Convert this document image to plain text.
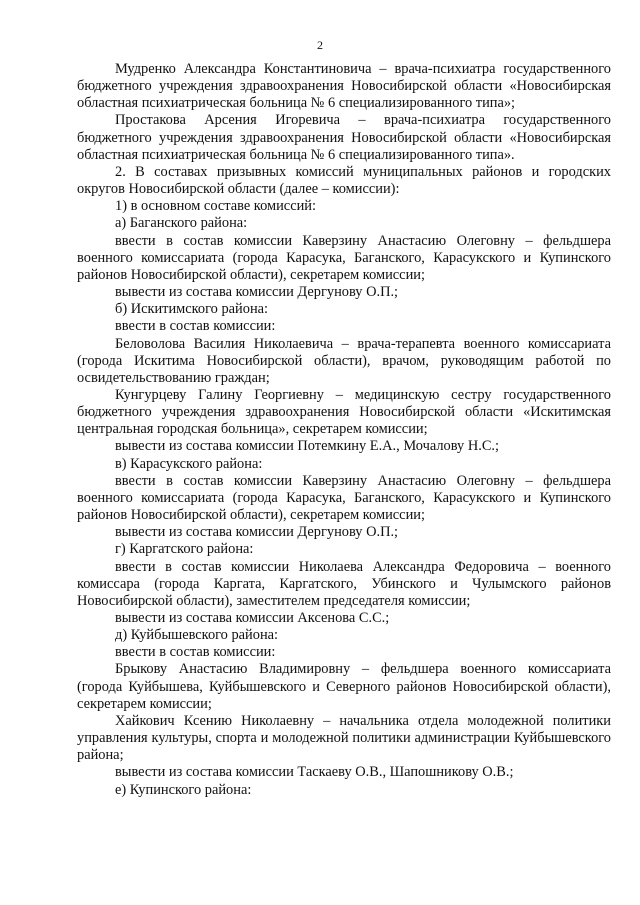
2

Мудренко Александра Константиновича – врача-психиатра государственного бюджетного учреждения здравоохранения Новосибирской области «Новосибирская областная психиатрическая больница № 6 специализированного типа»;

Простакова Арсения Игоревича – врача-психиатра государственного бюджетного учреждения здравоохранения Новосибирской области «Новосибирская областная психиатрическая больница № 6 специализированного типа».

2. В составах призывных комиссий муниципальных районов и городских округов Новосибирской области (далее – комиссии):

1) в основном составе комиссий:

а) Баганского района:

ввести в состав комиссии Каверзину Анастасию Олеговну – фельдшера военного комиссариата (города Карасука, Баганского, Карасукского и Купинского районов Новосибирской области), секретарем комиссии;

вывести из состава комиссии Дергунову О.П.;

б) Искитимского района:

ввести в состав комиссии:

Беловолова Василия Николаевича – врача-терапевта военного комиссариата (города Искитима Новосибирской области), врачом, руководящим работой по освидетельствованию граждан;

Кунгурцеву Галину Георгиевну – медицинскую сестру государственного бюджетного учреждения здравоохранения Новосибирской области «Искитимская центральная городская больница», секретарем комиссии;

вывести из состава комиссии Потемкину Е.А., Мочалову Н.С.;

в) Карасукского района:

ввести в состав комиссии Каверзину Анастасию Олеговну – фельдшера военного комиссариата (города Карасука, Баганского, Карасукского и Купинского районов Новосибирской области), секретарем комиссии;

вывести из состава комиссии Дергунову О.П.;

г) Каргатского района:

ввести в состав комиссии Николаева Александра Федоровича – военного комиссара (города Каргата, Каргатского, Убинского и Чулымского районов Новосибирской области), заместителем председателя комиссии;

вывести из состава комиссии Аксенова С.С.;

д) Куйбышевского района:

ввести в состав комиссии:

Брыкову Анастасию Владимировну – фельдшера военного комиссариата (города Куйбышева, Куйбышевского и Северного районов Новосибирской области), секретарем комиссии;

Хайкович Ксению Николаевну – начальника отдела молодежной политики управления культуры, спорта и молодежной политики администрации Куйбышевского района;

вывести из состава комиссии Таскаеву О.В., Шапошникову О.В.;

е) Купинского района:
